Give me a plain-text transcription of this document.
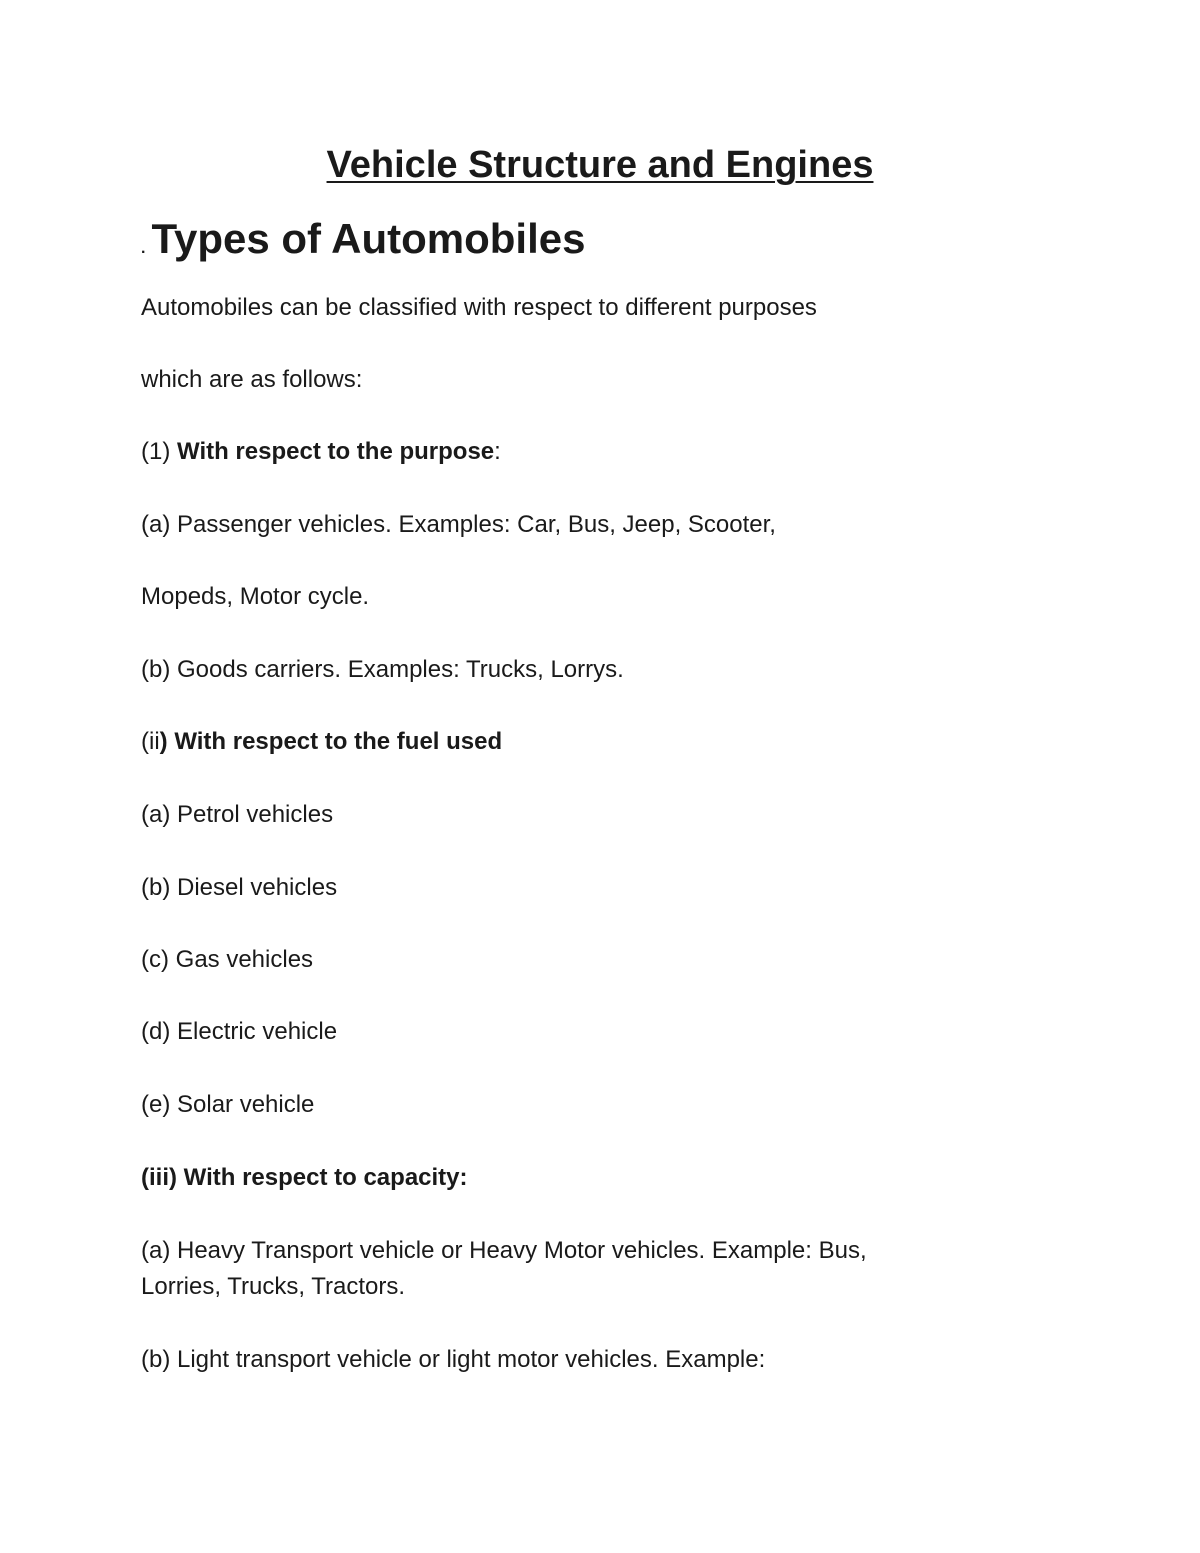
Vehicle Structure and Engines
. Types of Automobiles

Automobiles can be classified with respect to different purposes

which are as follows:

(1) With respect to the purpose:

(a) Passenger vehicles. Examples: Car, Bus, Jeep, Scooter,

Mopeds, Motor cycle.

(b) Goods carriers. Examples: Trucks, Lorrys.

(ii) With respect to the fuel used

(a) Petrol vehicles

(b) Diesel vehicles

(c) Gas vehicles

(d) Electric vehicle

(e) Solar vehicle

(iii) With respect to capacity:

(a) Heavy Transport vehicle or Heavy Motor vehicles. Example: Bus,

Lorries, Trucks, Tractors.

(b) Light transport vehicle or light motor vehicles. Example:
